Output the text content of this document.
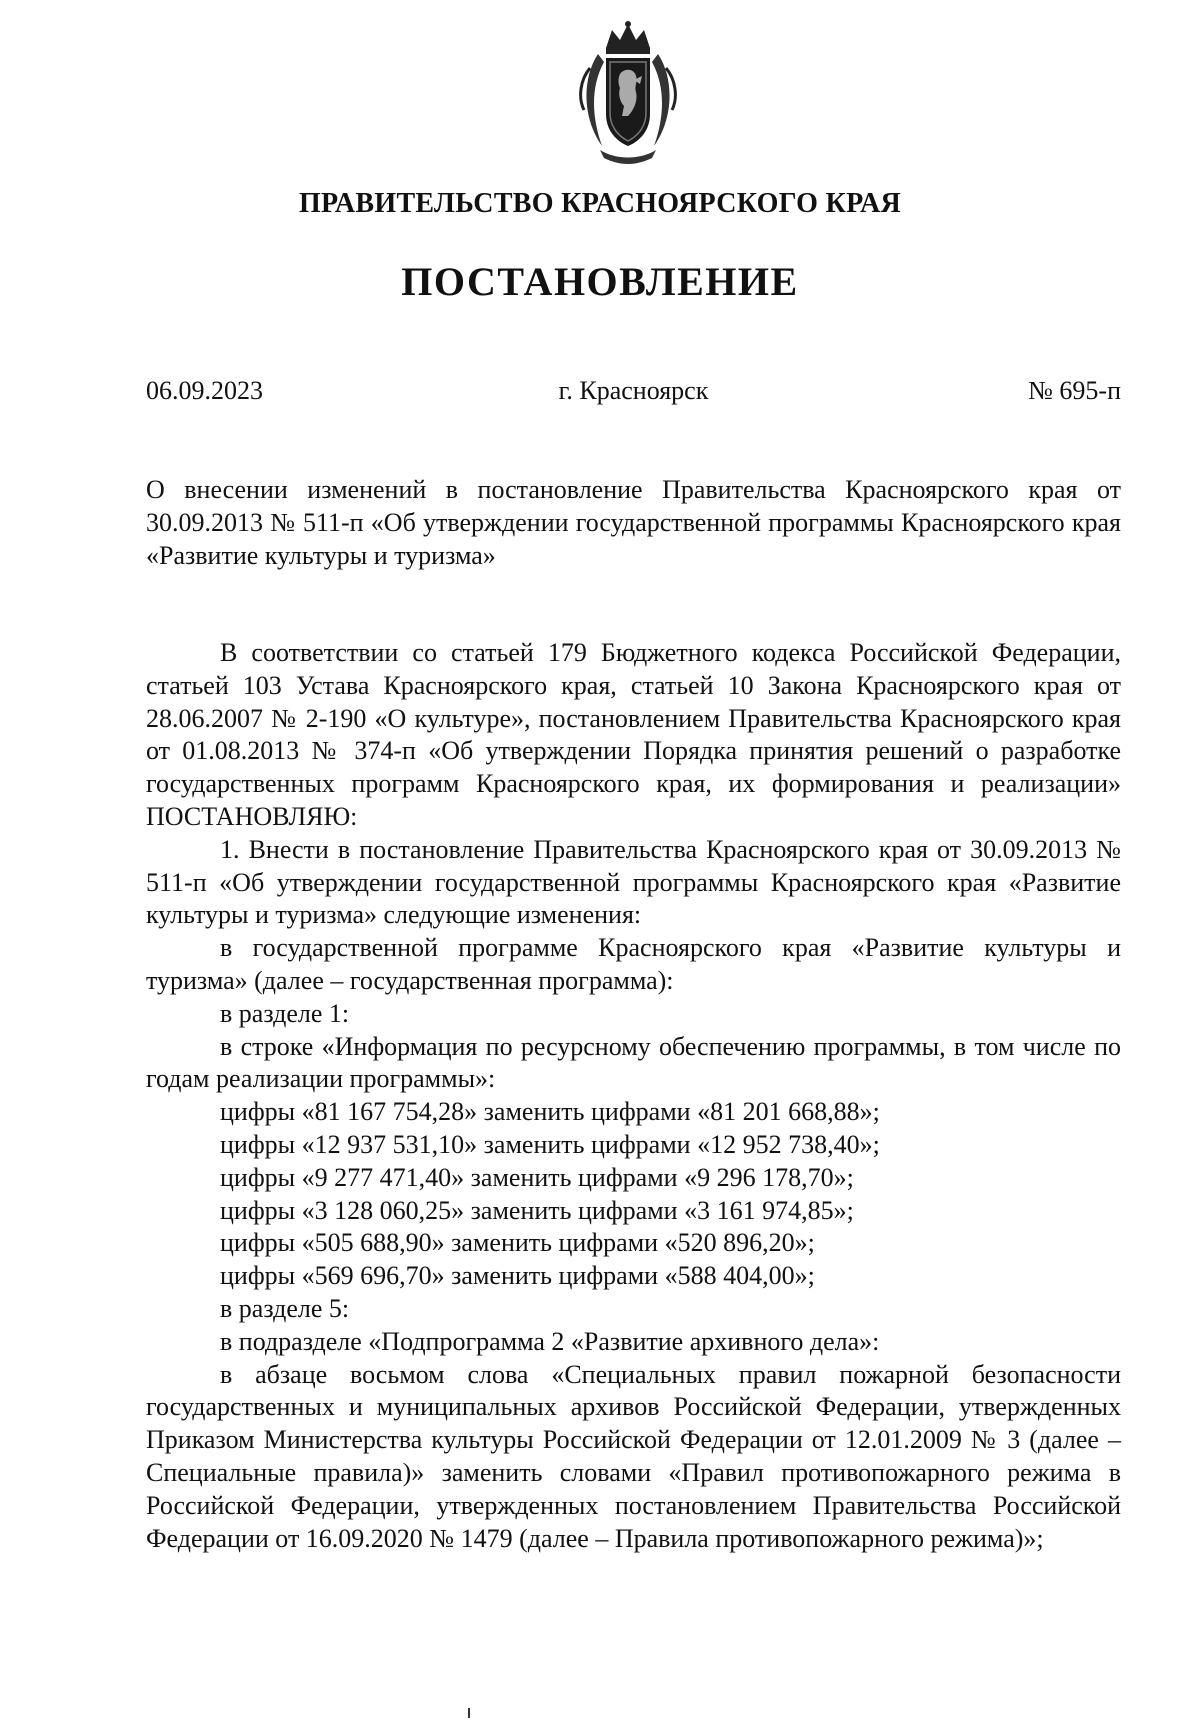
ПРАВИТЕЛЬСТВО КРАСНОЯРСКОГО КРАЯ
ПОСТАНОВЛЕНИЕ
06.09.2023	г. Красноярск	№ 695-п
О внесении изменений в постановление Правительства Красноярского края от 30.09.2013 № 511-п «Об утверждении государственной программы Красноярского края «Развитие культуры и туризма»

В соответствии со статьей 179 Бюджетного кодекса Российской Федерации, статьей 103 Устава Красноярского края, статьей 10 Закона Красноярского края от 28.06.2007 № 2-190 «О культуре», постановлением Правительства Красноярского края от 01.08.2013 № 374-п «Об утверждении Порядка принятия решений о разработке государственных программ Красноярского края, их формирования и реализации» ПОСТАНОВЛЯЮ:

1. Внести в постановление Правительства Красноярского края от 30.09.2013 № 511-п «Об утверждении государственной программы Красноярского края «Развитие культуры и туризма» следующие изменения:

в государственной программе Красноярского края «Развитие культуры и туризма» (далее – государственная программа):

в разделе 1:

в строке «Информация по ресурсному обеспечению программы, в том числе по годам реализации программы»:

цифры «81 167 754,28» заменить цифрами «81 201 668,88»;

цифры «12 937 531,10» заменить цифрами «12 952 738,40»;

цифры «9 277 471,40» заменить цифрами «9 296 178,70»;

цифры «3 128 060,25» заменить цифрами «3 161 974,85»;

цифры «505 688,90» заменить цифрами «520 896,20»;

цифры «569 696,70» заменить цифрами «588 404,00»;

в разделе 5:

в подразделе «Подпрограмма 2 «Развитие архивного дела»:

в абзаце восьмом слова «Специальных правил пожарной безопасности государственных и муниципальных архивов Российской Федерации, утвержденных Приказом Министерства культуры Российской Федерации от 12.01.2009 № 3 (далее – Специальные правила)» заменить словами «Правил противопожарного режима в Российской Федерации, утвержденных постановлением Правительства Российской Федерации от 16.09.2020 № 1479 (далее – Правила противопожарного режима)»;
